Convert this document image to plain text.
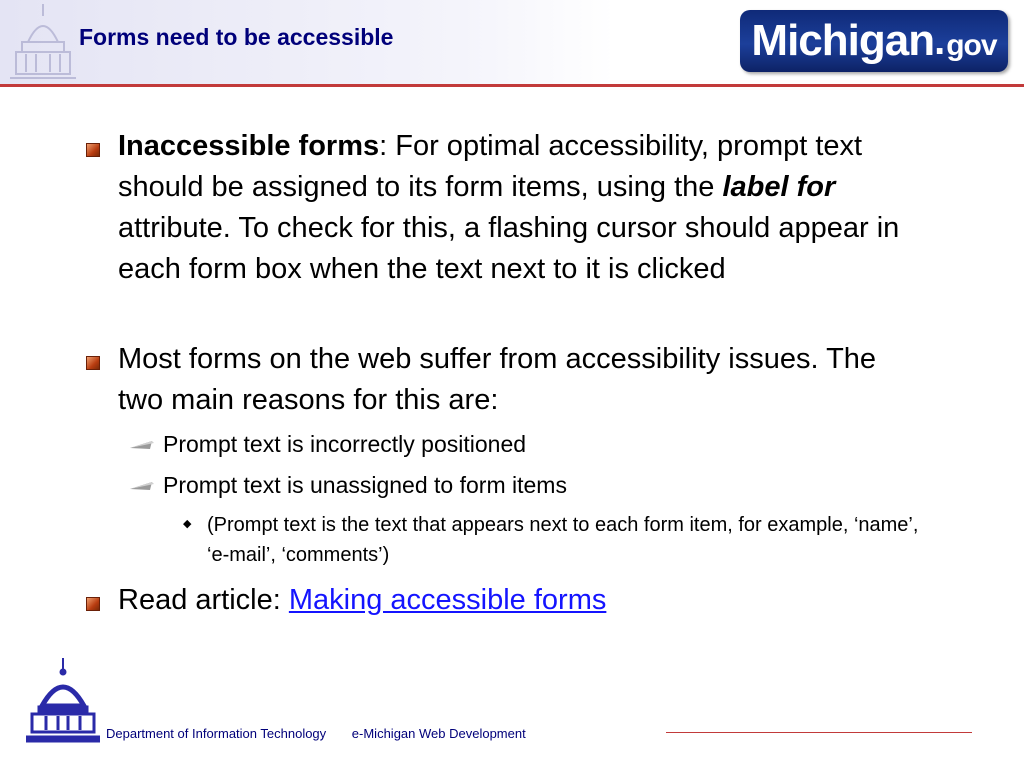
Forms need to be accessible	Michigan . gov
Inaccessible forms: For optimal accessibility, prompt text should be assigned to its form items, using the label for attribute. To check for this, a flashing cursor should appear in each form box when the text next to it is clicked
Most forms on the web suffer from accessibility issues. The two main reasons for this are:
Prompt text is incorrectly positioned
Prompt text is unassigned to form items
◆ (Prompt text is the text that appears next to each form item, for example, ‘name’, ‘e-mail’, ‘comments’)
Read article: Making accessible forms
Department of Information Technology e-Michigan Web Development
